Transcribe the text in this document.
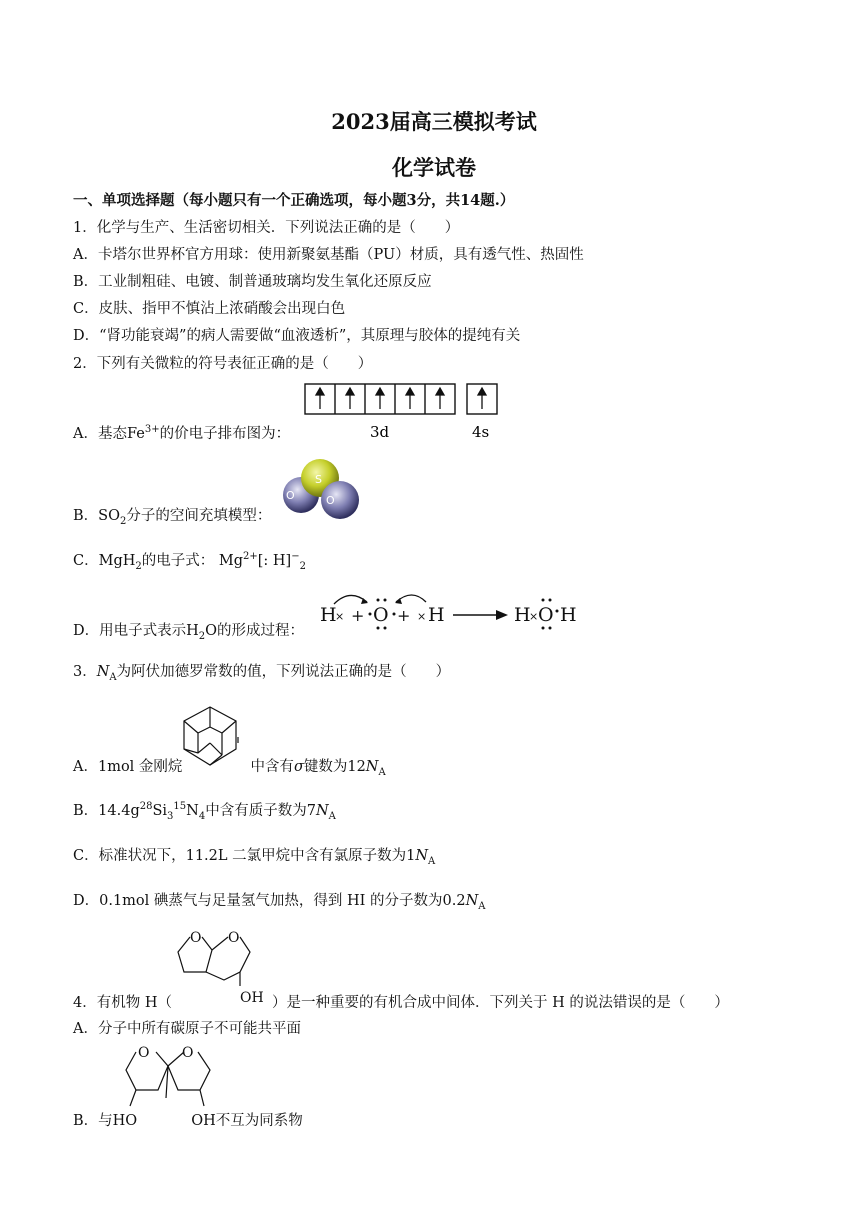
2023届高三模拟考试
化学试卷
一、单项选择题（每小题只有一个正确选项，每小题3分，共14题.）
1．化学与生产、生活密切相关．下列说法正确的是（　　）
A．卡塔尔世界杯官方用球：使用新聚氨基酯（PU）材质，具有透气性、热固性
B．工业制粗硅、电镀、制普通玻璃均发生氧化还原反应
C．皮肤、指甲不慎沾上浓硝酸会出现白色
D．“肾功能衰竭”的病人需要做“血液透析”，其原理与胶体的提纯有关
2．下列有关微粒的符号表征正确的是（　　）
3d	4s
A．基态$Fe^{3+}$的价电子排布图为：
S
O	O
B．$SO_2$分子的空间充填模型：
C．MgH$_2$的电子式： $Mg^{2+}$[: $H]^-_2$
D．用电子式表示$H_2O$的形成过程：
H
× + O + × H	H
× O H
3．$N_A$为阿伏加德罗常数的值，下列说法正确的是（　　）
A．1mol 金刚烷	中含有σ键数为$12N_A$
B．$14.4g^{28}Si_3^{15}N_4$中含有质子数为$7N_A$
C．标准状况下，11.2L 二氯甲烷中含有氯原子数为$1N_A$
D．0.1mol 碘蒸气与足量氢气加热，得到 HI 的分子数为$0.2N_A$
O O
OH
4．有机物 H（	）是一种重要的有机合成中间体．下列关于 H 的说法错误的是（　　）
A．分子中所有碳原子不可能共平面
O O
B．与HO	OH不互为同系物
